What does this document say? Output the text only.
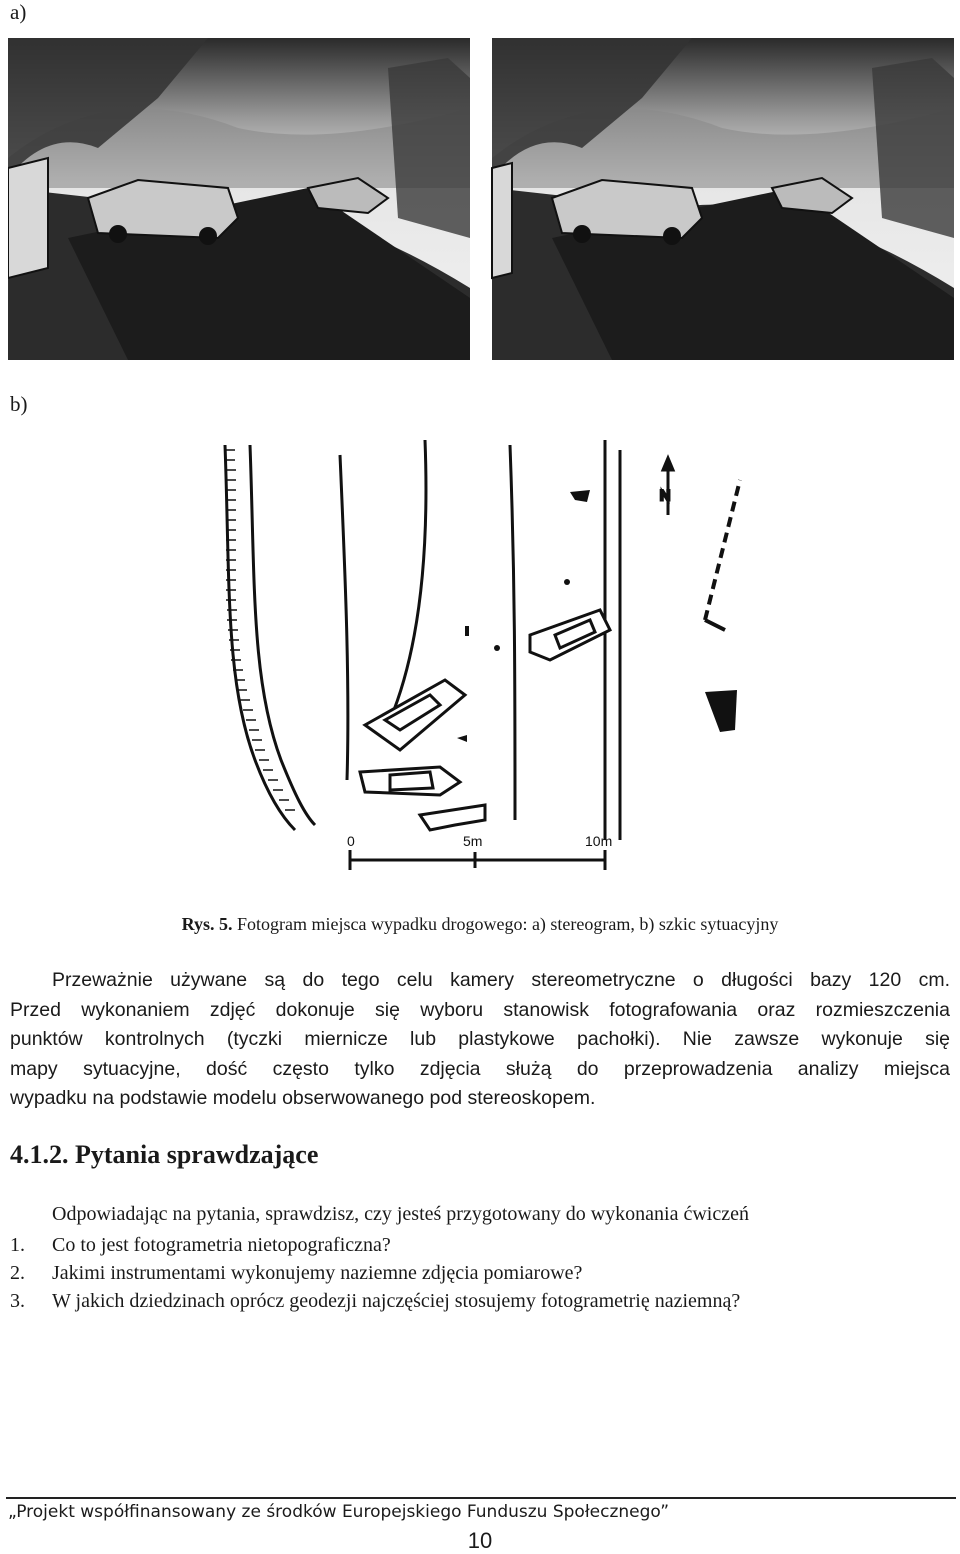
a)
b)
N
0	5m	10m
Rys. 5. Fotogram miejsca wypadku drogowego: a) stereogram, b) szkic sytuacyjny
Przeważnie używane są do tego celu kamery stereometryczne o długości bazy 120 cm.
Przed wykonaniem zdjęć dokonuje się wyboru stanowisk fotografowania oraz rozmieszczenia
punktów kontrolnych (tyczki miernicze lub plastykowe pachołki). Nie zawsze wykonuje się
mapy sytuacyjne, dość często tylko zdjęcia służą do przeprowadzenia analizy miejsca
wypadku na podstawie modelu obserwowanego pod stereoskopem.
4.1.2. Pytania sprawdzające
Odpowiadając na pytania, sprawdzisz, czy jesteś przygotowany do wykonania ćwiczeń
1. Co to jest fotogrametria nietopograficzna?
2. Jakimi instrumentami wykonujemy naziemne zdjęcia pomiarowe?
3. W jakich dziedzinach oprócz geodezji najczęściej stosujemy fotogrametrię naziemną?
„Projekt współfinansowany ze środków Europejskiego Funduszu Społecznego”
10
